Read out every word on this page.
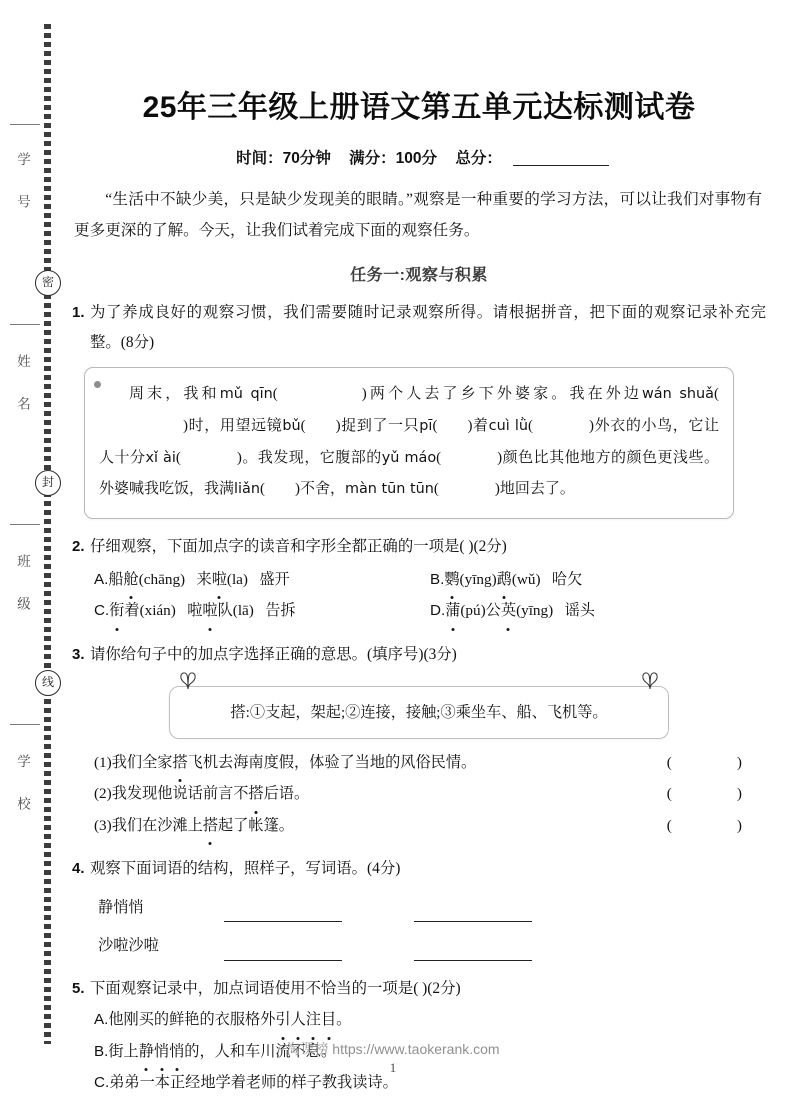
学 号
密
姓 名
封
班 级
线
学 校
25年三年级上册语文第五单元达标测试卷
时间：70分钟 满分：100分 总分：

“生活中不缺少美，只是缺少发现美的眼睛。”观察是一种重要的学习方法，可以让我们对事物有更多更深的了解。今天，让我们试着完成下面的观察任务。

任务一:观察与积累
1. 为了养成良好的观察习惯，我们需要随时记录观察所得。请根据拼音，把下面的观察记录补充完整。(8分)
周末，我和mǔ qīn(	)两个人去了乡下外婆家。我在外边wán shuǎ()时，用望远镜bǔ( )捉到了一只pī( )着cuì lǜ(	)外衣的小鸟，它让人十分xǐ ài(	)。我发现，它腹部的yǔ máo(	)颜色比其他地方的颜色更浅些。外婆喊我吃饭，我满liǎn( )不舍，màn tūn tūn(	)地回去了。
2. 仔细观察，下面加点字的读音和字形全都正确的一项是( )(2分)
A.船舱(chāng)   来啦(la)   盛开	B.鹦(yīng)鹉(wǔ)   哈欠
C.衔着(xián)   啦啦队(lā)   告拆	D.蒲(pú)公英(yīng)   谣头
3. 请你给句子中的加点字选择正确的意思。(填序号)(3分)
搭:①支起，架起;②连接，接触;③乘坐车、船、飞机等。
(1)我们全家搭飞机去海南度假，体验了当地的风俗民情。	(    )
(2)我发现他说话前言不搭后语。	(    )
(3)我们在沙滩上搭起了帐篷。	(    )
4. 观察下面词语的结构，照样子，写词语。(4分)
静悄悄
沙啦沙啦
5. 下面观察记录中，加点词语使用不恰当的一项是( )(2分)
A.他刚买的鲜艳的衣服格外引人注目。
B.街上静悄悄的，人和车川流不息。
C.弟弟一本正经地学着老师的样子教我读诗。
淘课榜 https://www.taokerank.com
1
